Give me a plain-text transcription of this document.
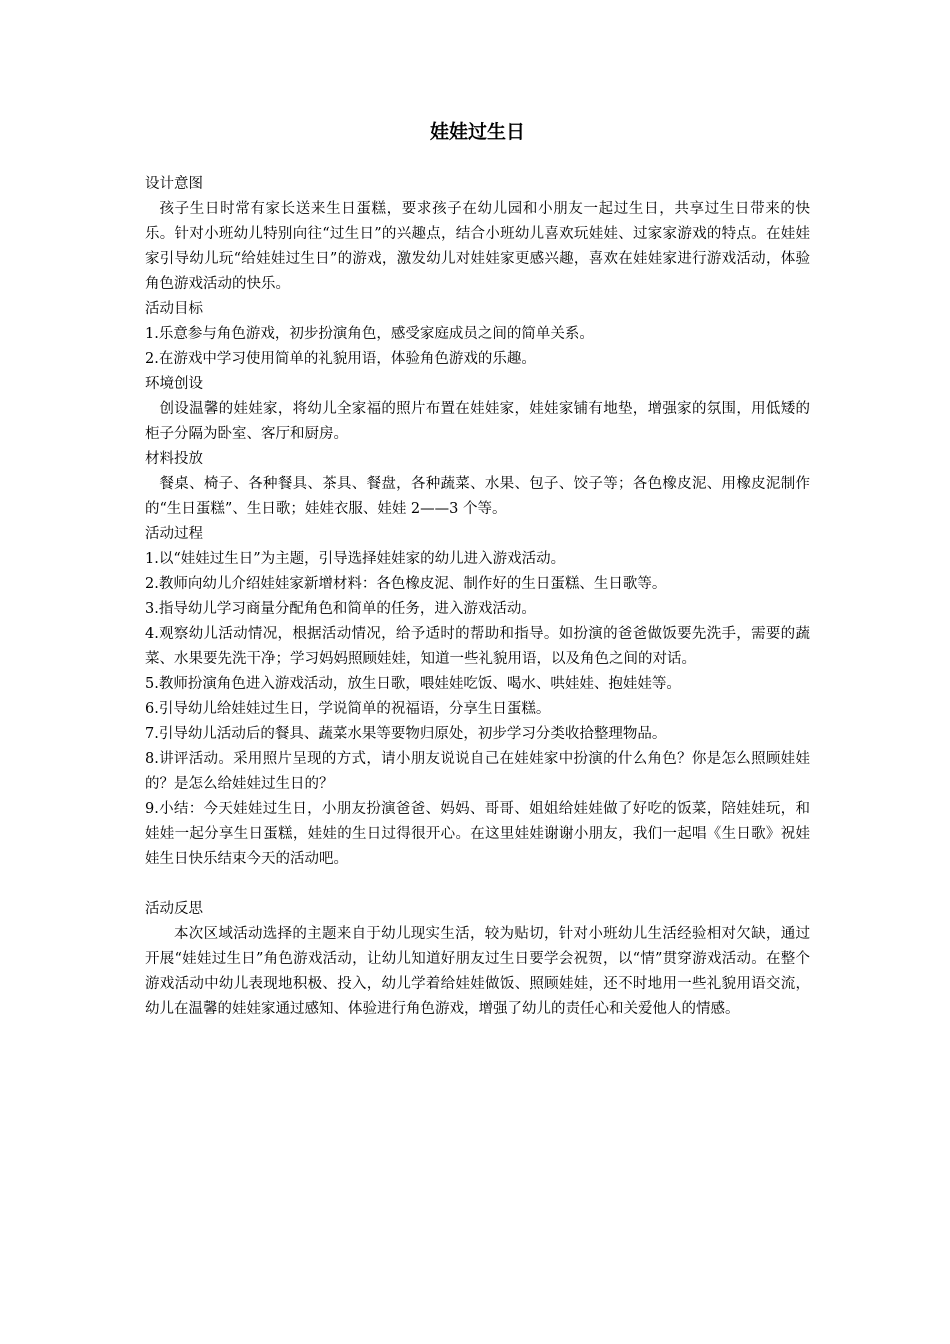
娃娃过生日

设计意图

孩子生日时常有家长送来生日蛋糕，要求孩子在幼儿园和小朋友一起过生日，共享过生日带来的快乐。针对小班幼儿特别向往“过生日”的兴趣点，结合小班幼儿喜欢玩娃娃、过家家游戏的特点。在娃娃家引导幼儿玩“给娃娃过生日”的游戏，激发幼儿对娃娃家更感兴趣，喜欢在娃娃家进行游戏活动，体验角色游戏活动的快乐。

活动目标

1.乐意参与角色游戏，初步扮演角色，感受家庭成员之间的简单关系。

2.在游戏中学习使用简单的礼貌用语，体验角色游戏的乐趣。

环境创设

创设温馨的娃娃家，将幼儿全家福的照片布置在娃娃家，娃娃家铺有地垫，增强家的氛围，用低矮的柜子分隔为卧室、客厅和厨房。

材料投放

餐桌、椅子、各种餐具、茶具、餐盘，各种蔬菜、水果、包子、饺子等；各色橡皮泥、用橡皮泥制作的“生日蛋糕”、生日歌；娃娃衣服、娃娃 2——3 个等。

活动过程

1.以“娃娃过生日”为主题，引导选择娃娃家的幼儿进入游戏活动。

2.教师向幼儿介绍娃娃家新增材料：各色橡皮泥、制作好的生日蛋糕、生日歌等。

3.指导幼儿学习商量分配角色和简单的任务，进入游戏活动。

4.观察幼儿活动情况，根据活动情况，给予适时的帮助和指导。如扮演的爸爸做饭要先洗手，需要的蔬菜、水果要先洗干净；学习妈妈照顾娃娃，知道一些礼貌用语，以及角色之间的对话。

5.教师扮演角色进入游戏活动，放生日歌，喂娃娃吃饭、喝水、哄娃娃、抱娃娃等。

6.引导幼儿给娃娃过生日，学说简单的祝福语，分享生日蛋糕。

7.引导幼儿活动后的餐具、蔬菜水果等要物归原处，初步学习分类收拾整理物品。

8.讲评活动。采用照片呈现的方式，请小朋友说说自己在娃娃家中扮演的什么角色？你是怎么照顾娃娃的？是怎么给娃娃过生日的？

9.小结：今天娃娃过生日，小朋友扮演爸爸、妈妈、哥哥、姐姐给娃娃做了好吃的饭菜，陪娃娃玩，和娃娃一起分享生日蛋糕，娃娃的生日过得很开心。在这里娃娃谢谢小朋友，我们一起唱《生日歌》祝娃娃生日快乐结束今天的活动吧。

活动反思

本次区域活动选择的主题来自于幼儿现实生活，较为贴切，针对小班幼儿生活经验相对欠缺，通过开展“娃娃过生日”角色游戏活动，让幼儿知道好朋友过生日要学会祝贺，以“情”贯穿游戏活动。在整个游戏活动中幼儿表现地积极、投入，幼儿学着给娃娃做饭、照顾娃娃，还不时地用一些礼貌用语交流，幼儿在温馨的娃娃家通过感知、体验进行角色游戏，增强了幼儿的责任心和关爱他人的情感。
